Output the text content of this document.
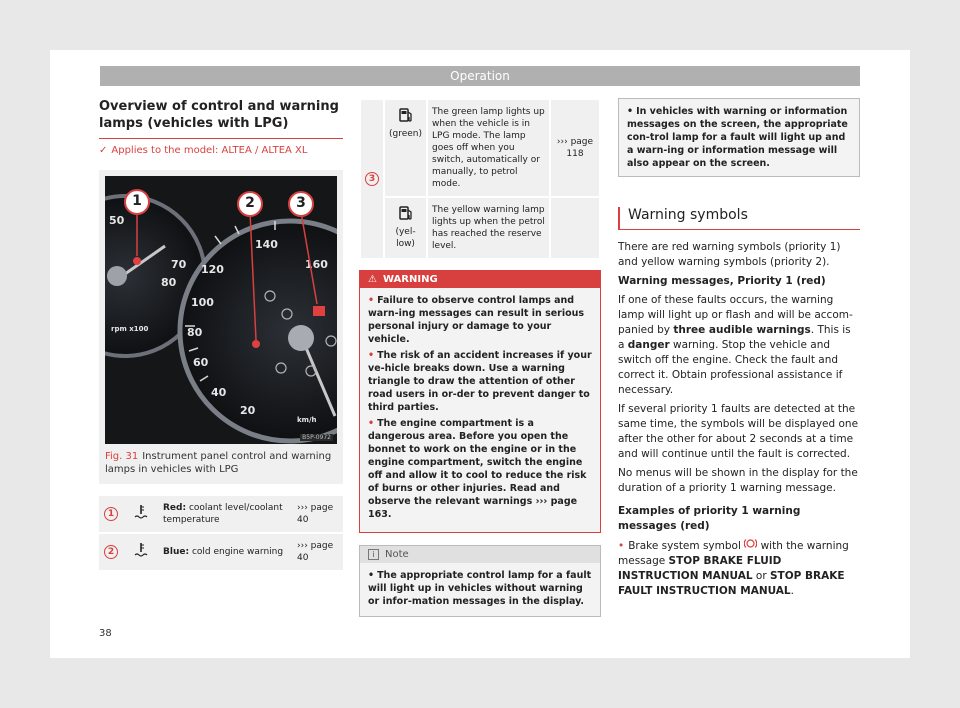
Operation
Overview of control and warning lamps (vehicles with LPG)
✓ Applies to the model: ALTEA / ALTEA XL
50
70
80
140
120
100
80
60
40
20
160
km/h
rpm x100
1	2	3
B5P-0972
Fig. 31 Instrument panel control and warning lamps in vehicles with LPG
1		Red: coolant level/coolant temperature	››› page 40
2		Blue: cold engine warning	››› page 40
3	(green)	The green lamp lights up when the vehicle is in LPG mode. The lamp goes off when you switch, automatically or manually, to petrol mode.	››› page 118

	(yel-low)	The yellow warning lamp lights up when the petrol has reached the reserve level.	
⚠ WARNING

• Failure to observe control lamps and warn-ing messages can result in serious personal injury or damage to your vehicle.

• The risk of an accident increases if your ve-hicle breaks down. Use a warning triangle to draw the attention of other road users in or-der to prevent danger to third parties.

• The engine compartment is a dangerous area. Before you open the bonnet to work on the engine or in the engine compartment, switch the engine off and allow it to cool to reduce the risk of burns or other injuries. Read and observe the relevant warnings ››› page 163.

i	Note

• The appropriate control lamp for a fault will light up in vehicles without warning or infor-mation messages in the display.

• In vehicles with warning or information messages on the screen, the appropriate con-trol lamp for a fault will light up and a warn-ing or information message will also appear on the screen.
Warning symbols

There are red warning symbols (priority 1) and yellow warning symbols (priority 2).

Warning messages, Priority 1 (red)

If one of these faults occurs, the warning lamp will light up or flash and will be accom-panied by three audible warnings. This is a danger warning. Stop the vehicle and switch off the engine. Check the fault and correct it. Obtain professional assistance if necessary.

If several priority 1 faults are detected at the same time, the symbols will be displayed one after the other for about 2 seconds at a time and will continue until the fault is corrected.

No menus will be shown in the display for the duration of a priority 1 warning message.

Examples of priority 1 warning messages (red)

• Brake system symbol with the warning message STOP BRAKE FLUID INSTRUCTION MANUAL or STOP BRAKE FAULT INSTRUCTION MANUAL.

38
